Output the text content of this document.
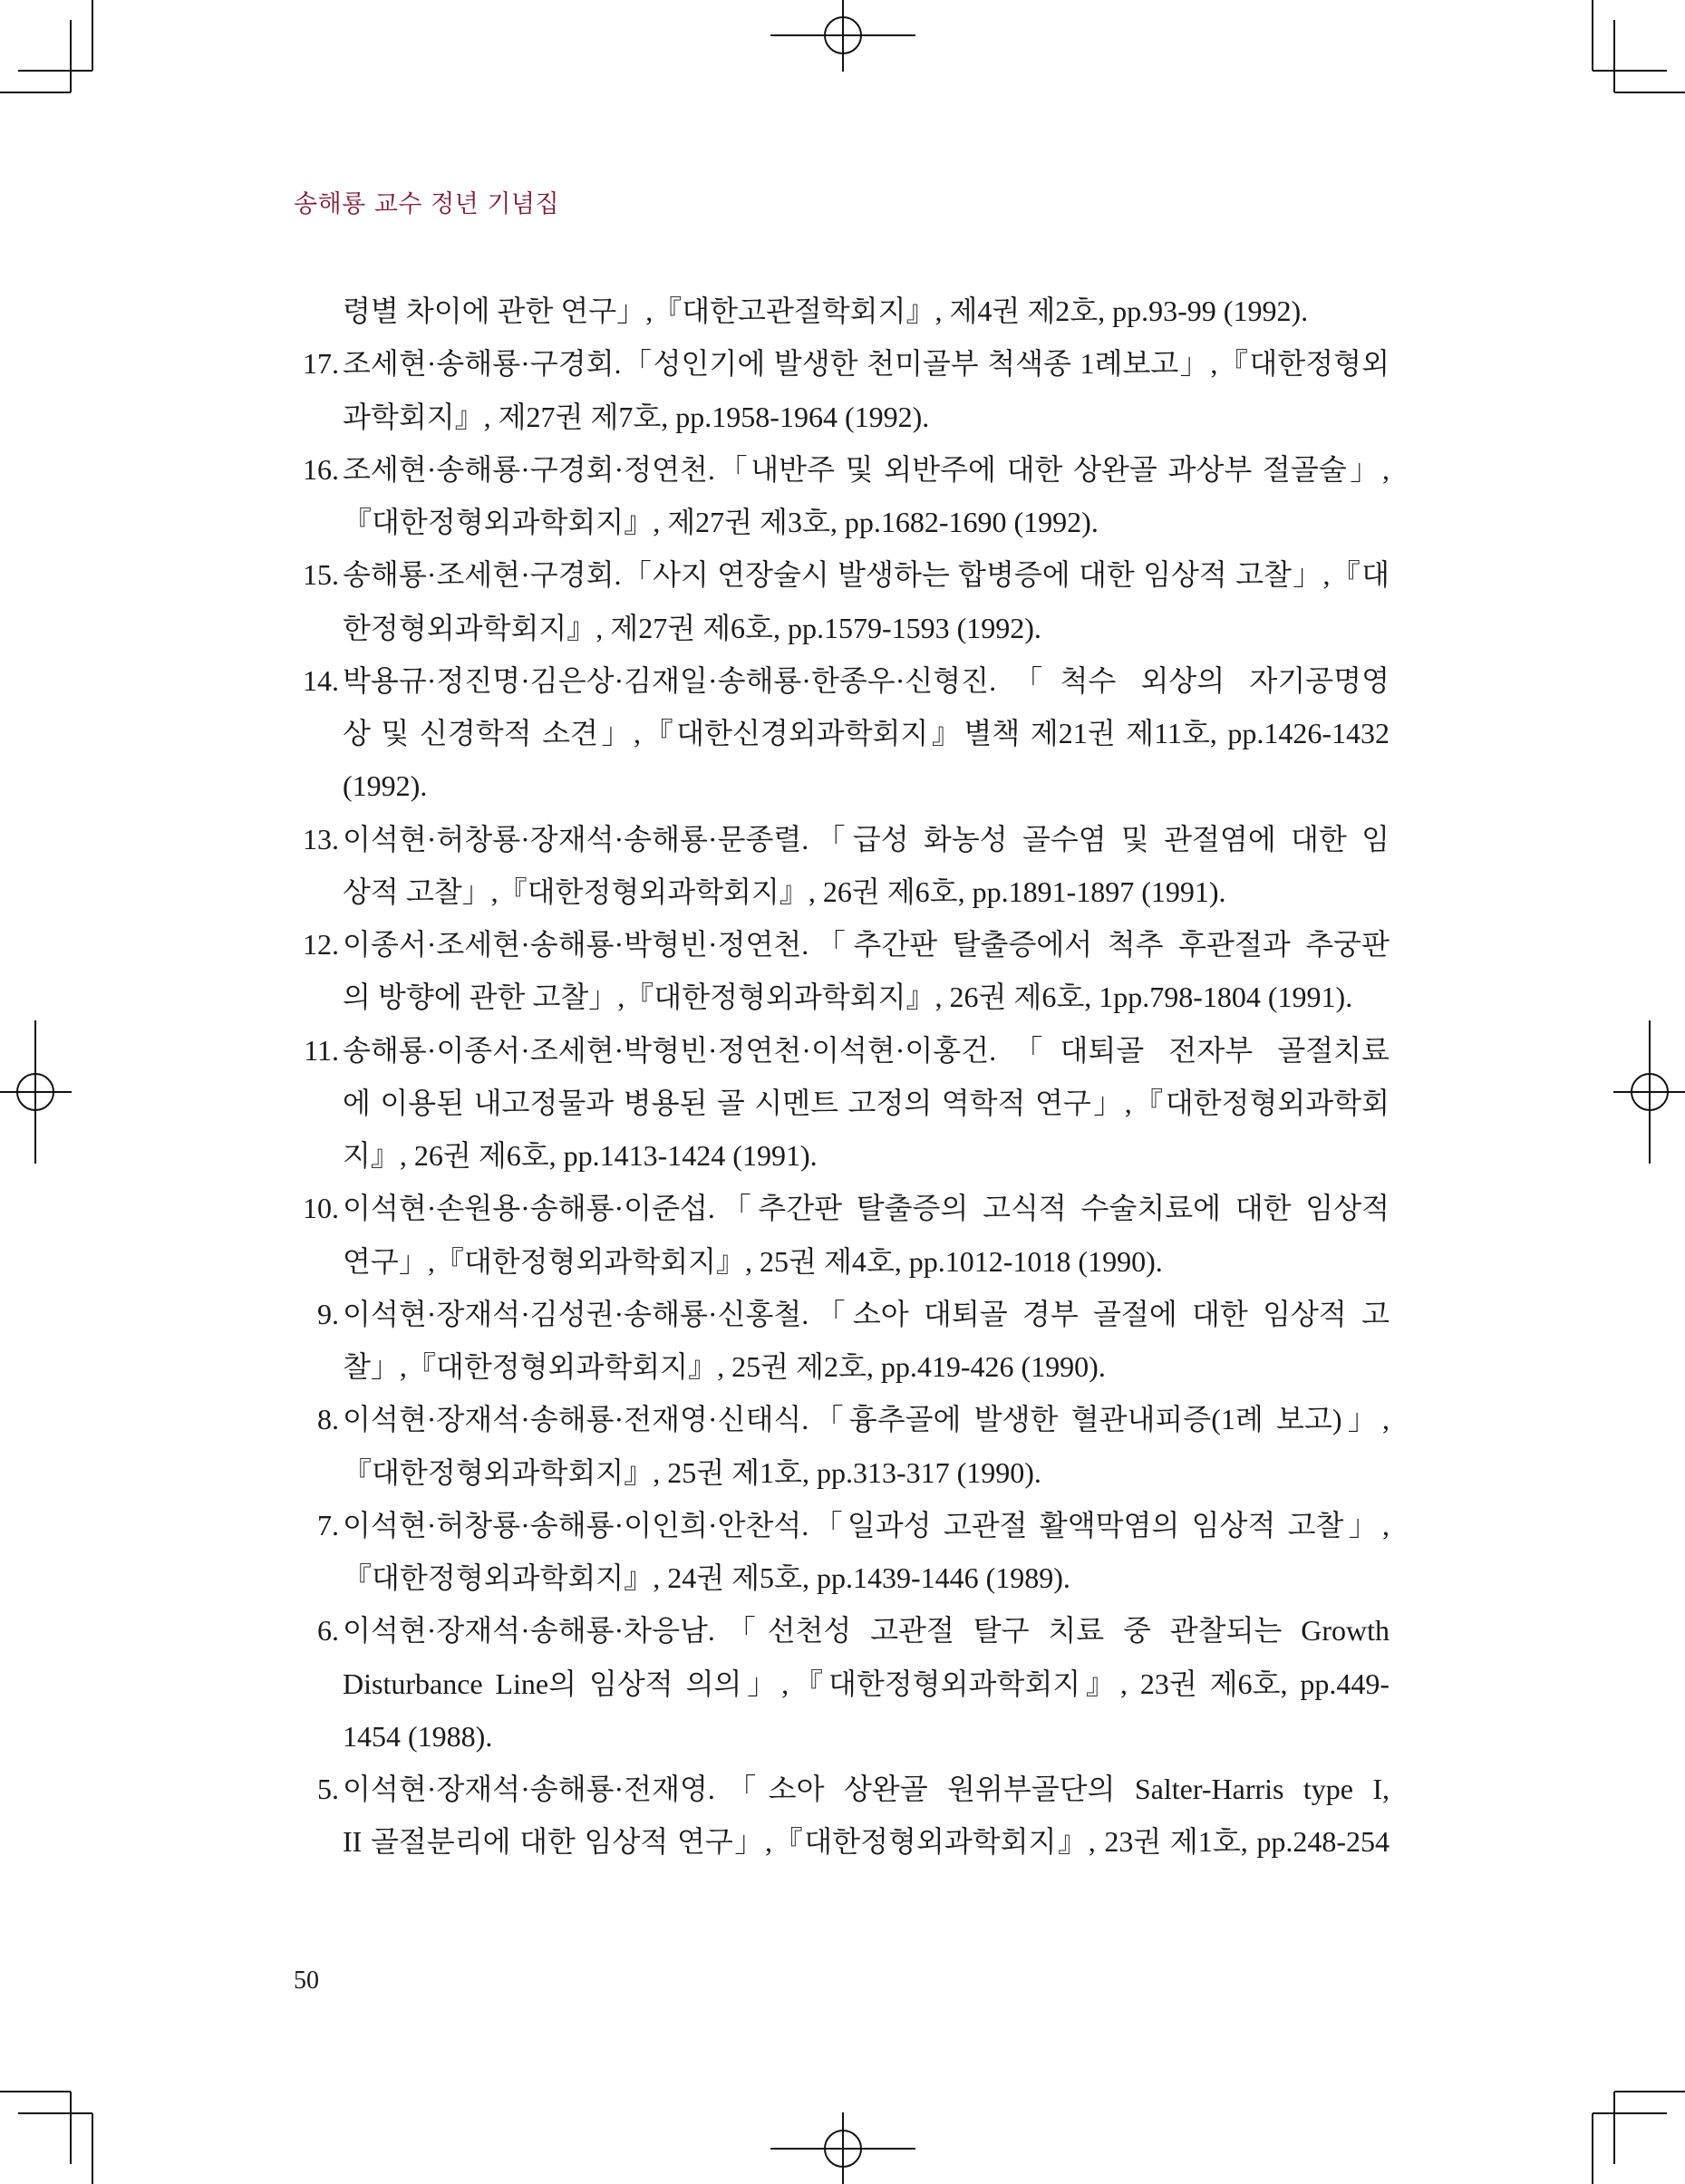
송해룡 교수 정년 기념집
령별 차이에 관한 연구」,『대한고관절학회지』, 제4권 제2호, pp.93-99 (1992).
17. 조세현·송해룡·구경회.「성인기에 발생한 천미골부 척색종 1례보고」,『대한정형외
과학회지』, 제27권 제7호, pp.1958-1964 (1992).
16. 조세현·송해룡·구경회·정연천.「내반주 및 외반주에 대한 상완골 과상부 절골술」,
『대한정형외과학회지』, 제27권 제3호, pp.1682-1690 (1992).
15. 송해룡·조세현·구경회.「사지 연장술시 발생하는 합병증에 대한 임상적 고찰」,『대
한정형외과학회지』, 제27권 제6호, pp.1579-1593 (1992).
14. 박용규·정진명·김은상·김재일·송해룡·한종우·신형진.「척수 외상의 자기공명영
상 및 신경학적 소견」,『대한신경외과학회지』별책 제21권 제11호, pp.1426-1432
(1992).
13. 이석현·허창룡·장재석·송해룡·문종렬.「급성 화농성 골수염 및 관절염에 대한 임
상적 고찰」,『대한정형외과학회지』, 26권 제6호, pp.1891-1897 (1991).
12. 이종서·조세현·송해룡·박형빈·정연천.「추간판 탈출증에서 척추 후관절과 추궁판
의 방향에 관한 고찰」,『대한정형외과학회지』, 26권 제6호, 1pp.798-1804 (1991).
11. 송해룡·이종서·조세현·박형빈·정연천·이석현·이홍건.「대퇴골 전자부 골절치료
에 이용된 내고정물과 병용된 골 시멘트 고정의 역학적 연구」,『대한정형외과학회
지』, 26권 제6호, pp.1413-1424 (1991).
10. 이석현·손원용·송해룡·이준섭.「추간판 탈출증의 고식적 수술치료에 대한 임상적
연구」,『대한정형외과학회지』, 25권 제4호, pp.1012-1018 (1990).
9. 이석현·장재석·김성권·송해룡·신홍철.「소아 대퇴골 경부 골절에 대한 임상적 고
찰」,『대한정형외과학회지』, 25권 제2호, pp.419-426 (1990).
8. 이석현·장재석·송해룡·전재영·신태식.「흉추골에 발생한 혈관내피증(1례 보고)」,
『대한정형외과학회지』, 25권 제1호, pp.313-317 (1990).
7. 이석현·허창룡·송해룡·이인희·안찬석.「일과성 고관절 활액막염의 임상적 고찰」,
『대한정형외과학회지』, 24권 제5호, pp.1439-1446 (1989).
6. 이석현·장재석·송해룡·차응남.「선천성 고관절 탈구 치료 중 관찰되는 Growth
Disturbance Line의 임상적 의의」,『대한정형외과학회지』, 23권 제6호, pp.449-
1454 (1988).
5. 이석현·장재석·송해룡·전재영.「소아 상완골 원위부골단의 Salter-Harris type I,
II 골절분리에 대한 임상적 연구」,『대한정형외과학회지』, 23권 제1호, pp.248-254
50
